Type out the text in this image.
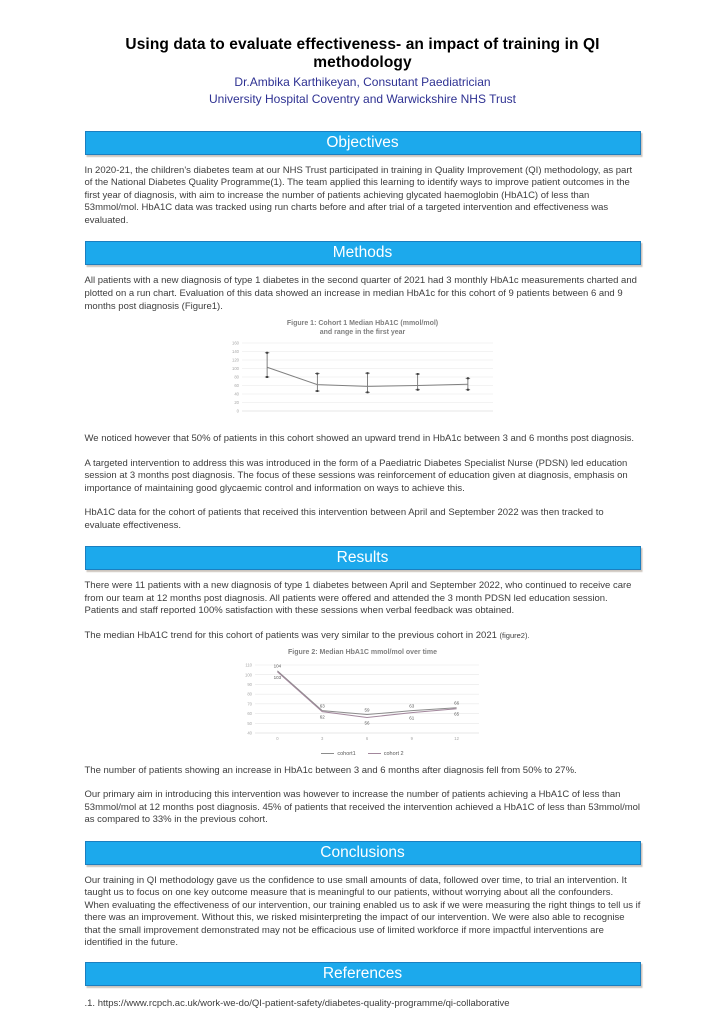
Using data to evaluate effectiveness- an impact of training in QI methodology
Dr.Ambika Karthikeyan, Consutant Paediatrician
University Hospital Coventry and Warwickshire NHS Trust
Objectives

In 2020-21, the children's diabetes team at our NHS Trust participated in training in Quality Improvement (QI) methodology, as part of the National Diabetes Quality Programme(1). The team applied this learning to identify ways to improve patient outcomes in the first year of diagnosis, with aim to increase the number of patients achieving glycated haemoglobin (HbA1C) of less than 53mmol/mol. HbA1C data was tracked using run charts before and after trial of a targeted intervention and effectiveness was evaluated.

Methods

All patients with a new diagnosis of type 1 diabetes in the second quarter of 2021 had 3 monthly HbA1c measurements charted and plotted on a run chart. Evaluation of this data showed an increase in median HbA1c for this cohort of 9 patients between 6 and 9 months post diagnosis (Figure1).

Figure 1: Cohort 1 Median HbA1C (mmol/mol)
and range in the first year
0
20
40
60
80
100
120
140
160

We noticed however that 50% of patients in this cohort showed an upward trend in HbA1c between 3 and 6 months post diagnosis.

A targeted intervention to address this was introduced in the form of a Paediatric Diabetes Specialist Nurse (PDSN) led education session at 3 months post diagnosis. The focus of these sessions was reinforcement of education given at diagnosis, emphasis on importance of maintaining good glycaemic control and information on ways to achieve this.

HbA1C data for the cohort of patients that received this intervention between April and September 2022 was then tracked to evaluate effectiveness.

Results

There were 11 patients with a new diagnosis of type 1 diabetes between April and September 2022, who continued to receive care from our team at 12 months post diagnosis. All patients were offered and attended the 3 month PDSN led education session. Patients and staff reported 100% satisfaction with these sessions when verbal feedback was obtained.

The median HbA1C trend for this cohort of patients was very similar to the previous cohort in 2021 (figure2).

Figure 2: Median HbA1C mmol/mol over time
40
50
60
70
80
90
100
110
0	3	6	9	12
104
63
59
63
66
103
62
56
61
65
cohort1	cohort 2

The number of patients showing an increase in HbA1c between 3 and 6 months after diagnosis fell from 50% to 27%.

Our primary aim in introducing this intervention was however to increase the number of patients achieving a HbA1C of less than 53mmol/mol at 12 months post diagnosis. 45% of patients that received the intervention achieved a HbA1C of less than 53mmol/mol as compared to 33% in the previous cohort.

Conclusions

Our training in QI methodology gave us the confidence to use small amounts of data, followed over time, to trial an intervention. It taught us to focus on one key outcome measure that is meaningful to our patients, without worrying about all the confounders. When evaluating the effectiveness of our intervention, our training enabled us to ask if we were measuring the right things to tell us if there was an improvement. Without this, we risked misinterpreting the impact of our intervention. We were also able to recognise that the small improvement demonstrated may not be efficacious use of limited workforce if more impactful interventions are identified in the future.

References

.1. https://www.rcpch.ac.uk/work-we-do/QI-patient-safety/diabetes-quality-programme/qi-collaborative
